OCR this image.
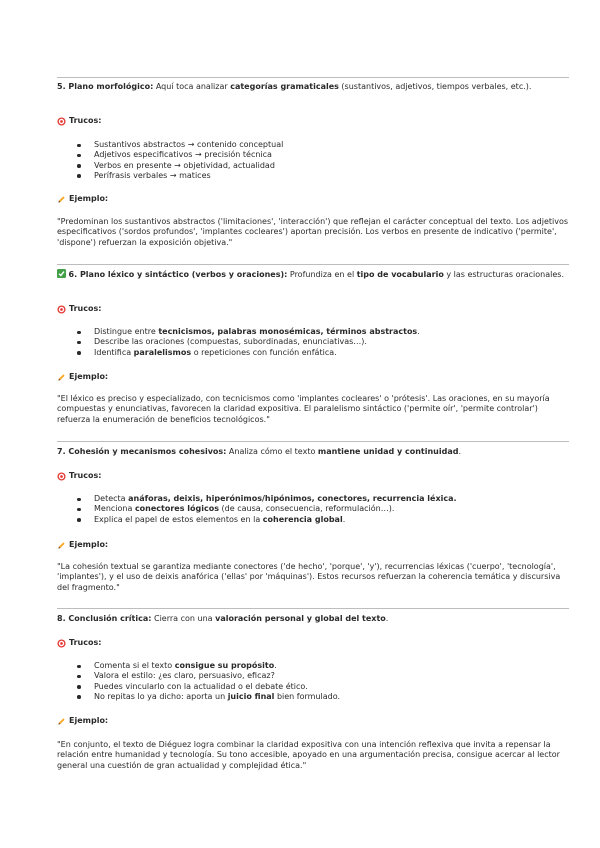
5. Plano morfológico: Aquí toca analizar categorías gramaticales (sustantivos, adjetivos, tiempos verbales, etc.).
Trucos:
Sustantivos abstractos → contenido conceptual
Adjetivos especificativos → precisión técnica
Verbos en presente → objetividad, actualidad
Perífrasis verbales → matices
Ejemplo:
"Predominan los sustantivos abstractos ('limitaciones', 'interacción') que reflejan el carácter conceptual del texto. Los adjetivos especificativos ('sordos profundos', 'implantes cocleares') aportan precisión. Los verbos en presente de indicativo ('permite', 'dispone') refuerzan la exposición objetiva."
6. Plano léxico y sintáctico (verbos y oraciones): Profundiza en el tipo de vocabulario y las estructuras oracionales.
Trucos:
Distingue entre tecnicismos, palabras monosémicas, términos abstractos.
Describe las oraciones (compuestas, subordinadas, enunciativas…).
Identifica paralelismos o repeticiones con función enfática.
Ejemplo:
"El léxico es preciso y especializado, con tecnicismos como 'implantes cocleares' o 'prótesis'. Las oraciones, en su mayoría compuestas y enunciativas, favorecen la claridad expositiva. El paralelismo sintáctico ('permite oír', 'permite controlar') refuerza la enumeración de beneficios tecnológicos."
7. Cohesión y mecanismos cohesivos: Analiza cómo el texto mantiene unidad y continuidad.
Trucos:
Detecta anáforas, deixis, hiperónimos/hipónimos, conectores, recurrencia léxica.
Menciona conectores lógicos (de causa, consecuencia, reformulación…).
Explica el papel de estos elementos en la coherencia global.
Ejemplo:
"La cohesión textual se garantiza mediante conectores ('de hecho', 'porque', 'y'), recurrencias léxicas ('cuerpo', 'tecnología', 'implantes'), y el uso de deixis anafórica ('ellas' por 'máquinas'). Estos recursos refuerzan la coherencia temática y discursiva del fragmento."
8. Conclusión crítica: Cierra con una valoración personal y global del texto.
Trucos:
Comenta si el texto consigue su propósito.
Valora el estilo: ¿es claro, persuasivo, eficaz?
Puedes vincularlo con la actualidad o el debate ético.
No repitas lo ya dicho: aporta un juicio final bien formulado.
Ejemplo:
"En conjunto, el texto de Diéguez logra combinar la claridad expositiva con una intención reflexiva que invita a repensar la relación entre humanidad y tecnología. Su tono accesible, apoyado en una argumentación precisa, consigue acercar al lector general una cuestión de gran actualidad y complejidad ética."
